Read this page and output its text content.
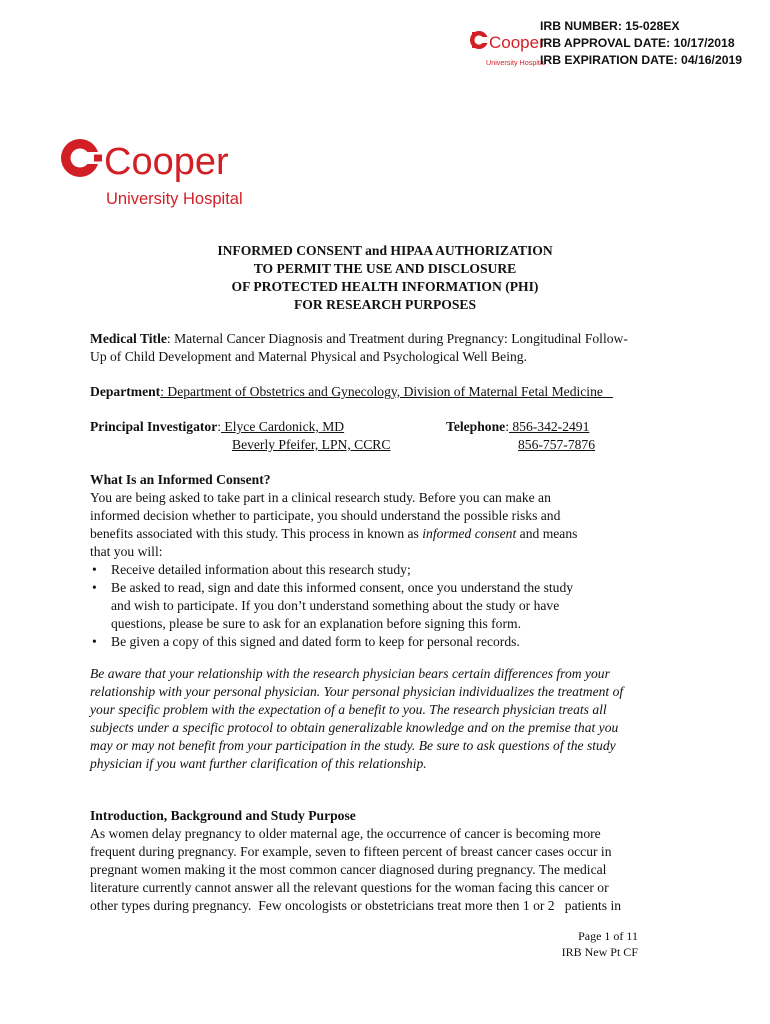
Cooper
University Hospital
IRB NUMBER: 15-028EX
IRB APPROVAL DATE: 10/17/2018
IRB EXPIRATION DATE: 04/16/2019
Cooper
University Hospital
INFORMED CONSENT and HIPAA AUTHORIZATION
TO PERMIT THE USE AND DISCLOSURE
OF PROTECTED HEALTH INFORMATION (PHI)
FOR RESEARCH PURPOSES
Medical Title: Maternal Cancer Diagnosis and Treatment during Pregnancy: Longitudinal Follow-
Up of Child Development and Maternal Physical and Psychological Well Being.
Department: Department of Obstetrics and Gynecology, Division of Maternal Fetal Medicine
Principal Investigator: Elyce Cardonick, MD
Beverly Pfeifer, LPN, CCRC
Telephone: 856-342-2491
856-757-7876
What Is an Informed Consent?
You are being asked to take part in a clinical research study. Before you can make an
informed decision whether to participate, you should understand the possible risks and
benefits associated with this study. This process in known as informed consent and means
that you will:
• Receive detailed information about this research study;
• Be asked to read, sign and date this informed consent, once you understand the study
and wish to participate. If you don’t understand something about the study or have
questions, please be sure to ask for an explanation before signing this form.
• Be given a copy of this signed and dated form to keep for personal records.
Be aware that your relationship with the research physician bears certain differences from your
relationship with your personal physician. Your personal physician individualizes the treatment of
your specific problem with the expectation of a benefit to you. The research physician treats all
subjects under a specific protocol to obtain generalizable knowledge and on the premise that you
may or may not benefit from your participation in the study. Be sure to ask questions of the study
physician if you want further clarification of this relationship.
Introduction, Background and Study Purpose
As women delay pregnancy to older maternal age, the occurrence of cancer is becoming more
frequent during pregnancy. For example, seven to fifteen percent of breast cancer cases occur in
pregnant women making it the most common cancer diagnosed during pregnancy. The medical
literature currently cannot answer all the relevant questions for the woman facing this cancer or
other types during pregnancy.  Few oncologists or obstetricians treat more then 1 or 2   patients in
Page 1 of 11
IRB New Pt CF
